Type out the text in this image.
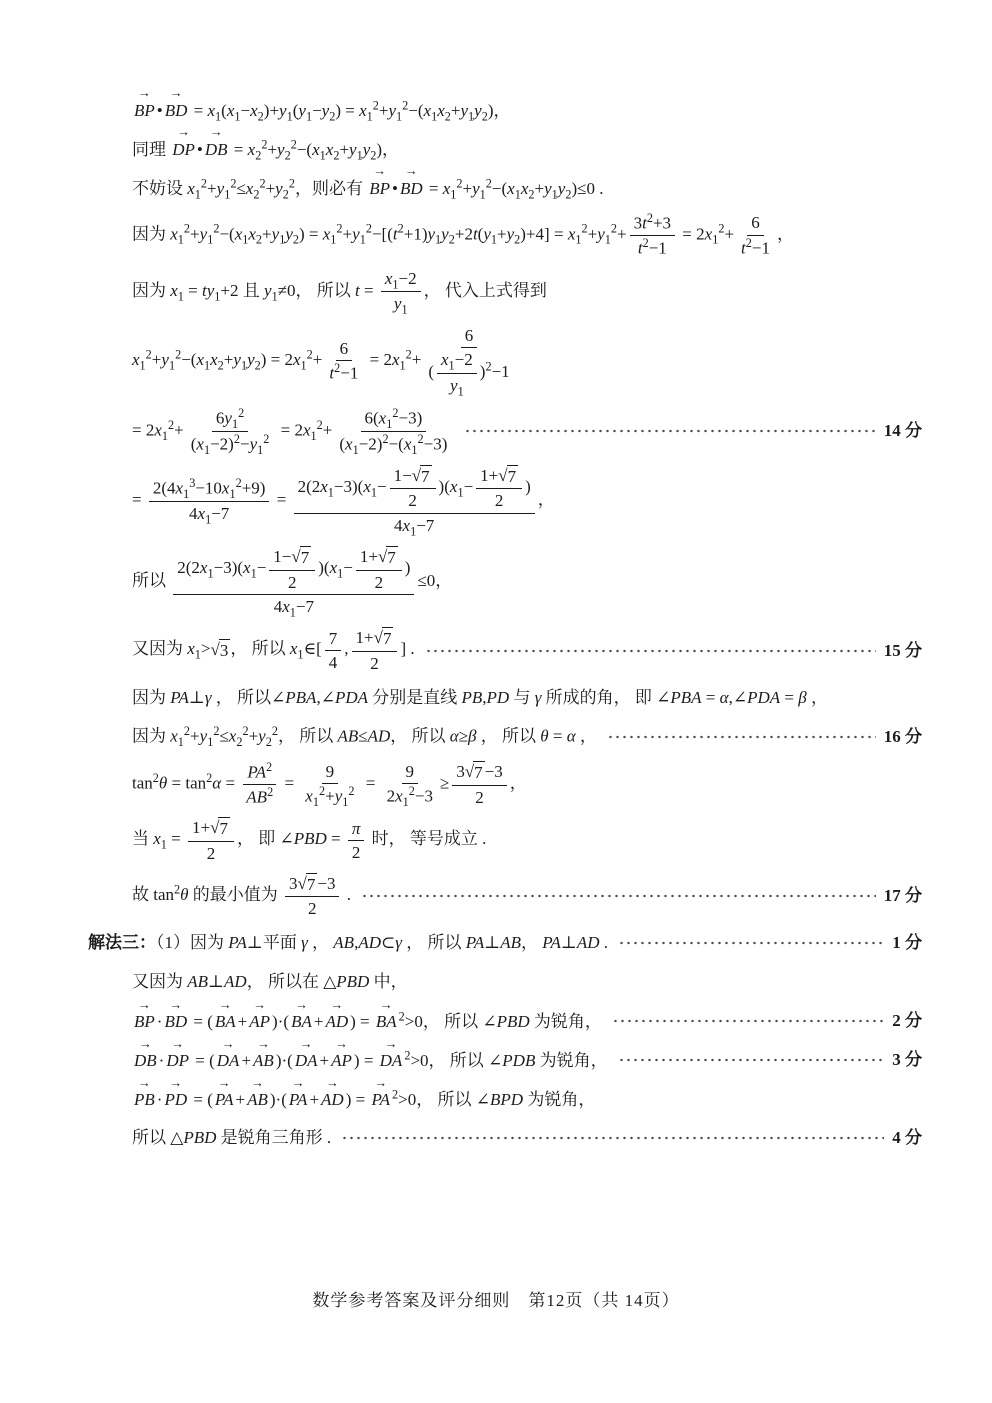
BP → • BD → = $x_1(x_1-x_2)+y_1(y_1-y_2) = x_1^2+y_1^2-(x_1x_2+y_1y_2)$，
同理 DP → • DB → = $x_2^2+y_2^2-(x_1x_2+y_1y_2)$，
不妨设 $x_1^2+y_1^2\le x_2^2+y_2^2$，则必有 BP → • BD → = $x_1^2+y_1^2-(x_1x_2+y_1y_2)\le 0$ .
因为 $x_1^2+y_1^2-(x_1x_2+y_1y_2) = x_1^2+y_1^2-[(t^2+1)y_1y_2+2t(y_1+y_2)+4] = x_1^2+y_1^2+ \frac{3t^2+3}{t^2-1} = 2x_1^2+ \frac{6}{t^2-1}$ ，
因为 $x_1 = ty_1+2$ 且 $y_1\ne 0$， 所以 $t = \frac{x_1-2}{y_1}$ ， 代入上式得到
$x_1^2+y_1^2-(x_1x_2+y_1y_2) = 2x_1^2+ \frac{6}{t^2-1} = 2x_1^2+ \frac{6}{( \frac{x_1-2}{y_1} )^2-1}$
= $2x_1^2+ \frac{6y_1^2}{(x_1-2)^2-y_1^2} = 2x_1^2+ \frac{6(x_1^2-3)}{(x_1-2)^2-(x_1^2-3)}$	14 分
= $\frac{2(4x_1^3-10x_1^2+9)}{4x_1-7} = \frac{2(2x_1-3)(x_1- \frac{1- √ 7}{2} )(x_1- \frac{1+ √ 7}{2} )}{4x_1-7}$ ，
所以 $\frac{2(2x_1-3)(x_1- \frac{1- √ 7}{2} )(x_1- \frac{1+ √ 7}{2} )}{4x_1-7} \le 0$，
又因为 $x_1>$ √ 3 ， 所以 $x_1\in[ \frac{7}{4}$ , $\frac{1+ √ 7}{2}$ ] .	15 分
因为 PA⊥γ ， 所以∠PBA,∠PDA 分别是直线 PB,PD 与 γ 所成的角， 即 ∠PBA = α,∠PDA = β ，
因为 $x_1^2+y_1^2\le x_2^2+y_2^2$， 所以 AB≤AD， 所以 α≥β ， 所以 θ = α ，	16 分
$\tan^2\theta = \tan^2\alpha = \frac{PA^2}{AB^2} = \frac{9}{x_1^2+y_1^2} = \frac{9}{2x_1^2-3} \ge \frac{3 √ 7 -3}{2}$ ，
当 $x_1 = \frac{1+ √ 7}{2}$ ， 即 ∠PBD = $\frac{\pi}{2}$ 时， 等号成立 .
故 $\tan^2\theta$ 的最小值为 $\frac{3 √ 7 -3}{2}$ .	17 分
解法三：（1）因为 PA⊥平面 γ ， AB,AD⊂γ ， 所以 PA⊥AB， PA⊥AD .	1 分
又因为 AB⊥AD， 所以在 △PBD 中，
BP → · BD → = ( BA → + AP → )·( BA → + AD → ) = BA → $^2$>0， 所以 ∠PBD 为锐角，	2 分
DB → · DP → = ( DA → + AB → )·( DA → + AP → ) = DA → $^2$>0， 所以 ∠PDB 为锐角，	3 分
PB → · PD → = ( PA → + AB → )·( PA → + AD → ) = PA → $^2$>0， 所以 ∠BPD 为锐角，
所以 △PBD 是锐角三角形 .	4 分
数学参考答案及评分细则　第12页（共 14页）
